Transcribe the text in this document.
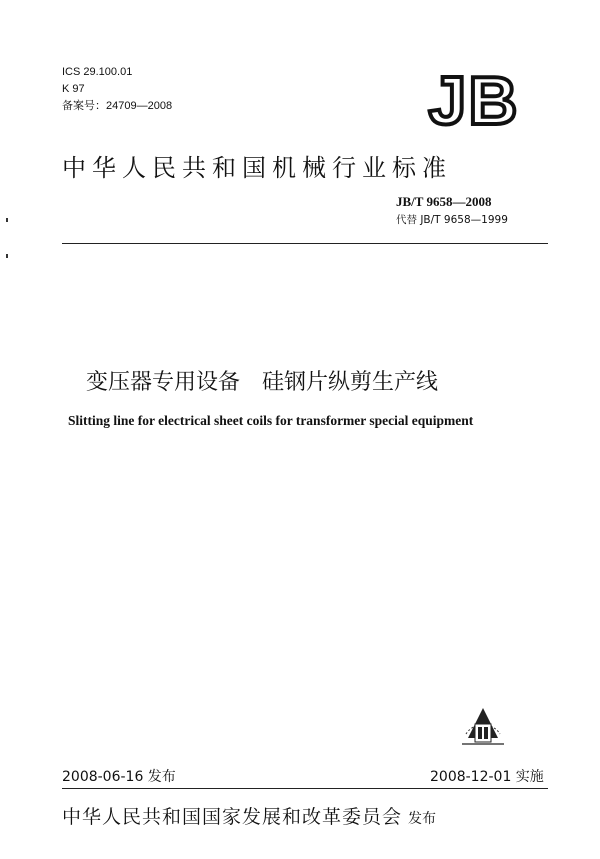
ICS 29.100.01
K 97
备案号：24709—2008	JB
中华人民共和国机械行业标准
JB/T 9658—2008
代替 JB/T 9658—1999
变压器专用设备　硅钢片纵剪生产线
Slitting line for electrical sheet coils for transformer special equipment
2008-06-16 发布	2008-12-01 实施
中华人民共和国国家发展和改革委员会 发布
